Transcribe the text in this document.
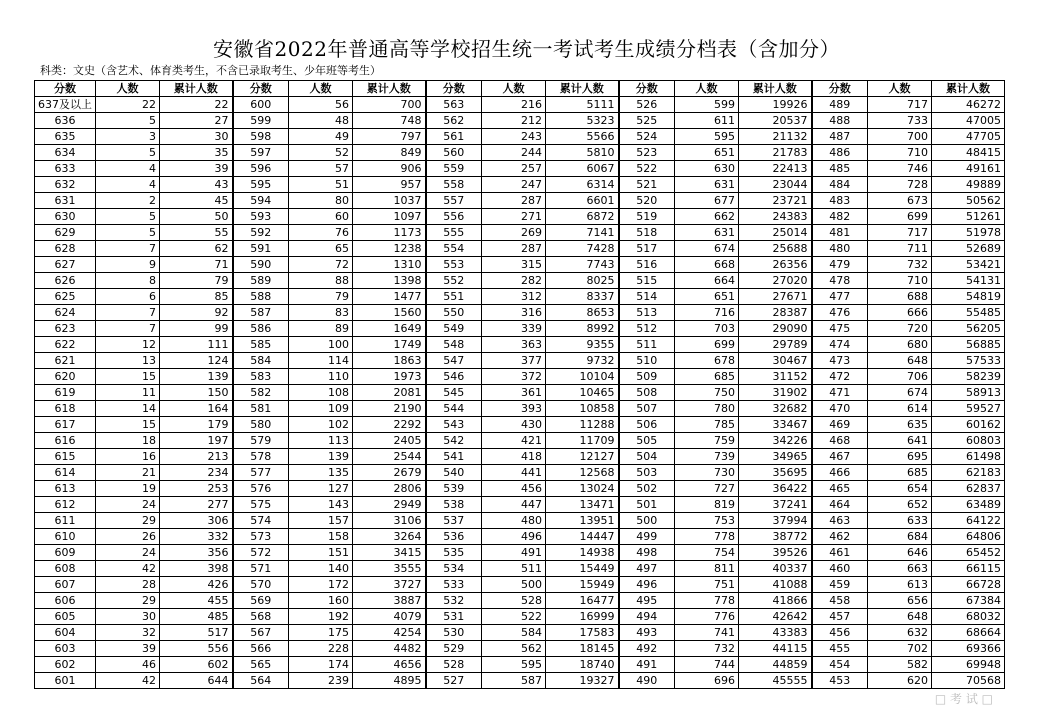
安徽省2022年普通高等学校招生统一考试考生成绩分档表（含加分）
科类：文史（含艺术、体育类考生，不含已录取考生、少年班等考生）
分数	人数	累计人数	分数	人数	累计人数	分数	人数	累计人数	分数	人数	累计人数	分数	人数	累计人数
637及以上	22	22	600	56	700	563	216	5111	526	599	19926	489	717	46272
636	5	27	599	48	748	562	212	5323	525	611	20537	488	733	47005
635	3	30	598	49	797	561	243	5566	524	595	21132	487	700	47705
634	5	35	597	52	849	560	244	5810	523	651	21783	486	710	48415
633	4	39	596	57	906	559	257	6067	522	630	22413	485	746	49161
632	4	43	595	51	957	558	247	6314	521	631	23044	484	728	49889
631	2	45	594	80	1037	557	287	6601	520	677	23721	483	673	50562
630	5	50	593	60	1097	556	271	6872	519	662	24383	482	699	51261
629	5	55	592	76	1173	555	269	7141	518	631	25014	481	717	51978
628	7	62	591	65	1238	554	287	7428	517	674	25688	480	711	52689
627	9	71	590	72	1310	553	315	7743	516	668	26356	479	732	53421
626	8	79	589	88	1398	552	282	8025	515	664	27020	478	710	54131
625	6	85	588	79	1477	551	312	8337	514	651	27671	477	688	54819
624	7	92	587	83	1560	550	316	8653	513	716	28387	476	666	55485
623	7	99	586	89	1649	549	339	8992	512	703	29090	475	720	56205
622	12	111	585	100	1749	548	363	9355	511	699	29789	474	680	56885
621	13	124	584	114	1863	547	377	9732	510	678	30467	473	648	57533
620	15	139	583	110	1973	546	372	10104	509	685	31152	472	706	58239
619	11	150	582	108	2081	545	361	10465	508	750	31902	471	674	58913
618	14	164	581	109	2190	544	393	10858	507	780	32682	470	614	59527
617	15	179	580	102	2292	543	430	11288	506	785	33467	469	635	60162
616	18	197	579	113	2405	542	421	11709	505	759	34226	468	641	60803
615	16	213	578	139	2544	541	418	12127	504	739	34965	467	695	61498
614	21	234	577	135	2679	540	441	12568	503	730	35695	466	685	62183
613	19	253	576	127	2806	539	456	13024	502	727	36422	465	654	62837
612	24	277	575	143	2949	538	447	13471	501	819	37241	464	652	63489
611	29	306	574	157	3106	537	480	13951	500	753	37994	463	633	64122
610	26	332	573	158	3264	536	496	14447	499	778	38772	462	684	64806
609	24	356	572	151	3415	535	491	14938	498	754	39526	461	646	65452
608	42	398	571	140	3555	534	511	15449	497	811	40337	460	663	66115
607	28	426	570	172	3727	533	500	15949	496	751	41088	459	613	66728
606	29	455	569	160	3887	532	528	16477	495	778	41866	458	656	67384
605	30	485	568	192	4079	531	522	16999	494	776	42642	457	648	68032
604	32	517	567	175	4254	530	584	17583	493	741	43383	456	632	68664
603	39	556	566	228	4482	529	562	18145	492	732	44115	455	702	69366
602	46	602	565	174	4656	528	595	18740	491	744	44859	454	582	69948
601	42	644	564	239	4895	527	587	19327	490	696	45555	453	620	70568
□ 考 试 □
